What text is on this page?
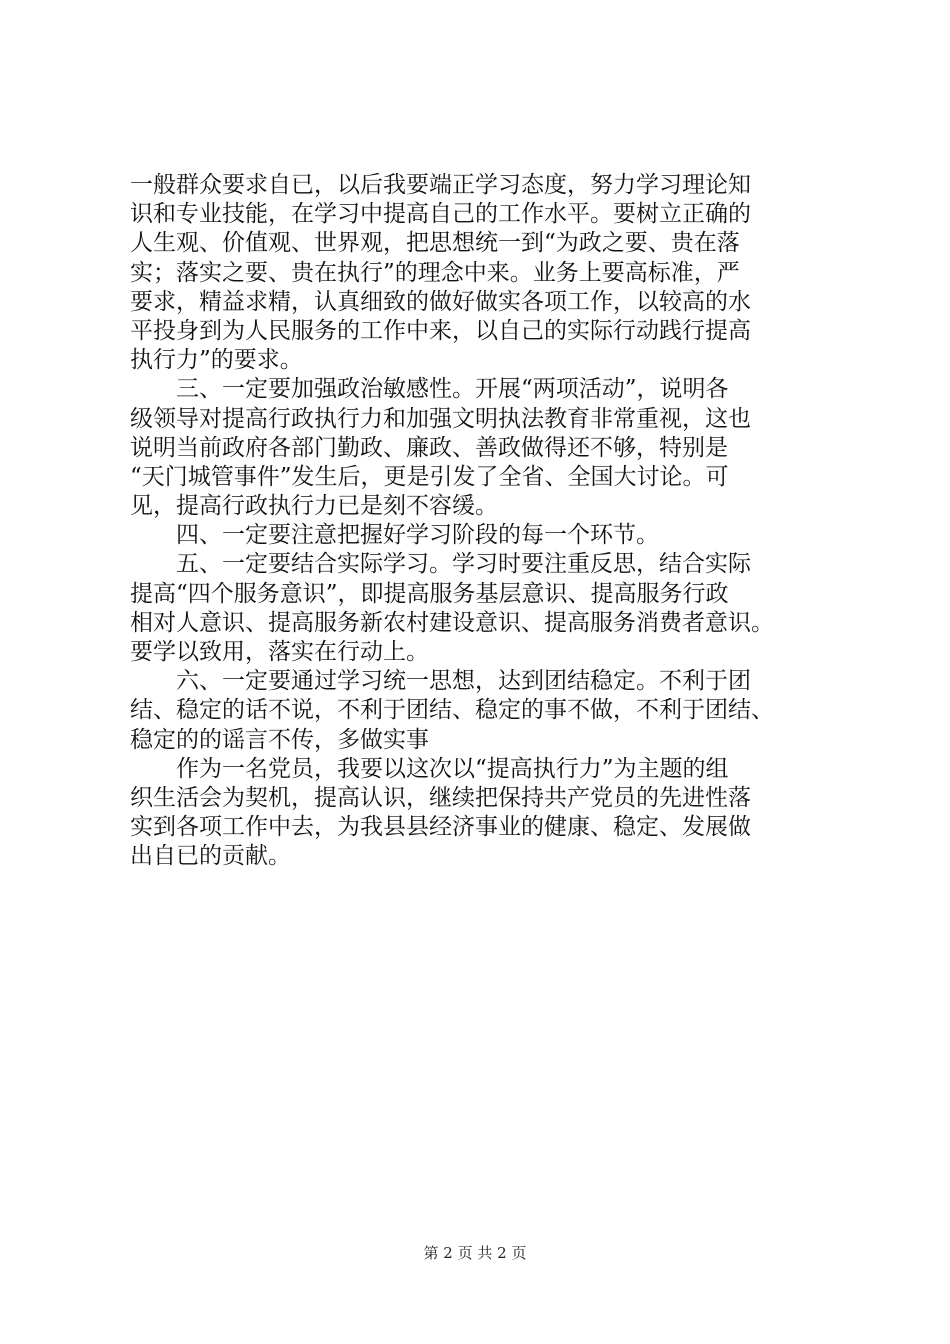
一般群众要求自已，以后我要端正学习态度，努力学习理论知
识和专业技能，在学习中提高自己的工作水平。要树立正确的
人生观、价值观、世界观，把思想统一到“为政之要、贵在落
实；落实之要、贵在执行”的理念中来。业务上要高标准，严
要求，精益求精，认真细致的做好做实各项工作，以较高的水
平投身到为人民服务的工作中来，以自己的实际行动践行提高
执行力”的要求。
三、一定要加强政治敏感性。开展“两项活动”，说明各
级领导对提高行政执行力和加强文明执法教育非常重视，这也
说明当前政府各部门勤政、廉政、善政做得还不够，特别是
“天门城管事件”发生后，更是引发了全省、全国大讨论。可
见，提高行政执行力已是刻不容缓。
四、一定要注意把握好学习阶段的每一个环节。
五、一定要结合实际学习。学习时要注重反思，结合实际
提高“四个服务意识”，即提高服务基层意识、提高服务行政
相对人意识、提高服务新农村建设意识、提高服务消费者意识。
要学以致用，落实在行动上。
六、一定要通过学习统一思想，达到团结稳定。不利于团
结、稳定的话不说，不利于团结、稳定的事不做，不利于团结、
稳定的的谣言不传，多做实事
作为一名党员，我要以这次以“提高执行力”为主题的组
织生活会为契机，提高认识，继续把保持共产党员的先进性落
实到各项工作中去，为我县县经济事业的健康、稳定、发展做
出自已的贡献。
第 2 页 共 2 页
